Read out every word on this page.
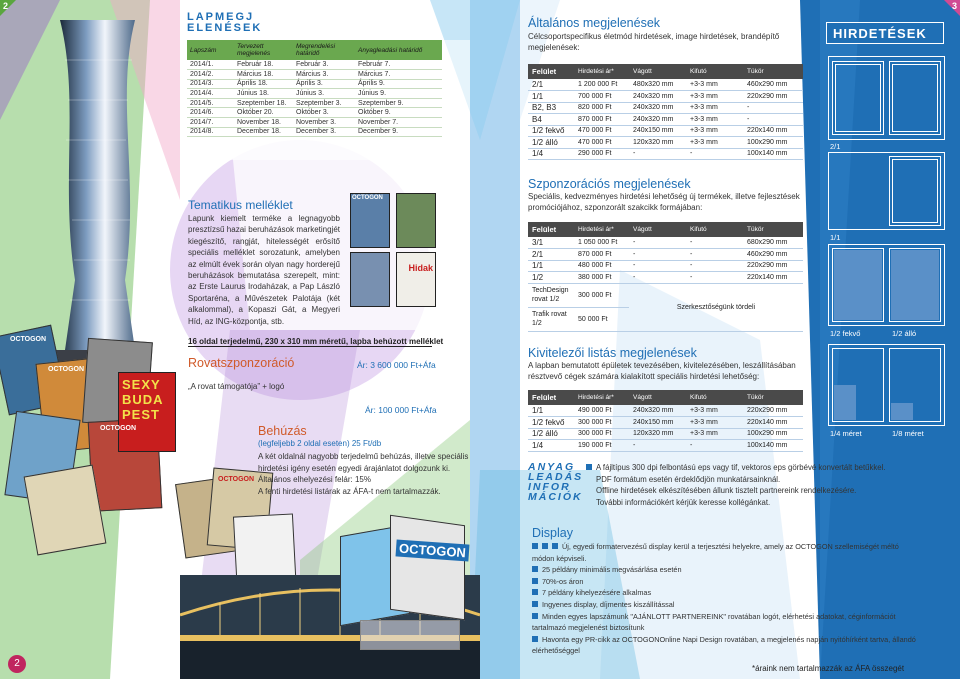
2	3
2
SEXY
BUDA
PEST
OCTOGON
OCTOGON
OCTOGON
OCTOGON
OCTOGON
LAPMEGJ
ELENÉSEK
Lapszám	Tervezett megjelenés	Megrendelési határidő	Anyagleadási határidő
2014/1.	Február 18.	Február 3.	Február 7.
2014/2.	Március 18.	Március 3.	Március 7.
2014/3.	Április 18.	Április 3.	Április 9.
2014/4.	Június 18.	Június 3.	Június 9.
2014/5.	Szeptember 18.	Szeptember 3.	Szeptember 9.
2014/6.	Október 20.	Október 3.	Október 9.
2014/7.	November 18.	November 3.	November 7.
2014/8.	December 18.	December 3.	December 9.
Tematikus melléklet
Lapunk kiemelt terméke a legnagyobb presztízsű hazai beruházások marketingjét kiegészítő, rangját, hitelességét erősítő speciális melléklet sorozatunk, amelyben az elmúlt évek során olyan nagy horderejű beruházások bemutatása szerepelt, mint: az Erste Laurus Irodaházak, a Pap László Sportaréna, a Művészetek Palotája (két alkalommal), a Kopaszi Gát, a Megyeri Híd, az ING-központja, stb.
OCTOGON
Hidak
16 oldal terjedelmű, 230 x 310 mm méretű, lapba behúzott melléklet
Rovatszponzoráció	Ár: 3 600 000 Ft+Áfa
„A rovat támogatója” + logó
Ár: 100 000 Ft+Áfa
Behúzás
(legfeljebb 2 oldal eseten) 25 Ft/db
A két oldalnál nagyobb terjedelmű behúzás, illetve speciális
hirdetési igény esetén egyedi árajánlatot dolgozunk ki.
Általános elhelyezési felár: 15%
A fenti hirdetési listárak az ÁFA-t nem tartalmazzák.
Általános megjelenések
Célcsoportspecifikus életmód hirdetések, image hirdetések, brandépítő megjelenések:
Felület	Hirdetési ár*	Vágott	Kifutó	Tükör
2/1	1 200 000 Ft	480x320 mm	+3-3 mm	460x290 mm
1/1	700 000 Ft	240x320 mm	+3-3 mm	220x290 mm
B2, B3	820 000 Ft	240x320 mm	+3-3 mm	-
B4	870 000 Ft	240x320 mm	+3-3 mm	-
1/2 fekvő	470 000 Ft	240x150 mm	+3-3 mm	220x140 mm
1/2 álló	470 000 Ft	120x320 mm	+3-3 mm	100x290 mm
1/4	290 000 Ft	-	-	100x140 mm
Szponzorációs megjelenések
Speciális, kedvezményes hirdetési lehetőség új termékek, illetve fejlesztések promóciójához, szponzorált szakcikk formájában:
Felület	Hirdetési ár*	Vágott	Kifutó	Tükör
3/1	1 050 000 Ft	-	-	680x290 mm
2/1	870 000 Ft	-	-	460x290 mm
1/1	480 000 Ft	-	-	220x290 mm
1/2	380 000 Ft	-	-	220x140 mm
TechDesign rovat 1/2	300 000 Ft	Szerkesztőségünk tördeli		
Trafik rovat 1/2	50 000 Ft			
Kivitelezői listás megjelenések
A lapban bemutatott épületek tevezésében, kivitelezésében, leszállításában résztvevő cégek számára kialakított speciális hirdetési lehetőség:
Felület	Hirdetési ár*	Vágott	Kifutó	Tükör
1/1	490 000 Ft	240x320 mm	+3-3 mm	220x290 mm
1/2 fekvő	300 000 Ft	240x150 mm	+3-3 mm	220x140 mm
1/2 álló	300 000 Ft	120x320 mm	+3-3 mm	100x290 mm
1/4	190 000 Ft	-	-	100x140 mm
ANYAG
LEADÁS
INFOR
MÁCIÓK
A fájltípus 300 dpi felbontású eps vagy tif, vektoros eps görbévé konvertált betűkkel.
PDF formátum esetén érdeklődjön munkatársainknál.
Offline hirdetések elkészítésében állunk tisztelt partnereink rendelkezésére.
További információkért kérjük keresse kollégánkat.
Display
Új, egyedi formatervezésű display kerül a terjesztési helyekre, amely az OCTOGON szellemiségét méltó módon képviseli.
25 példány minimális megvásárlása esetén
70%-os áron
7 példány kihelyezésére alkalmas
Ingyenes display, díjmentes kiszállítással
Minden egyes lapszámunk "AJÁNLOTT PARTNEREINK" rovatában logót, elérhetési adatokat, céginformációt tartalmazó megjelenést biztosítunk
Havonta egy PR-cikk az OCTOGONOnline Napi Design rovatában, a megjelenés napján nyitóhírként tartva, állandó elérhetőséggel
*áraink nem tartalmazzák az ÁFA összegét
HIRDETÉSEK
2/1
1/1
1/2 fekvő	1/2 álló
1/4 méret	1/8 méret
